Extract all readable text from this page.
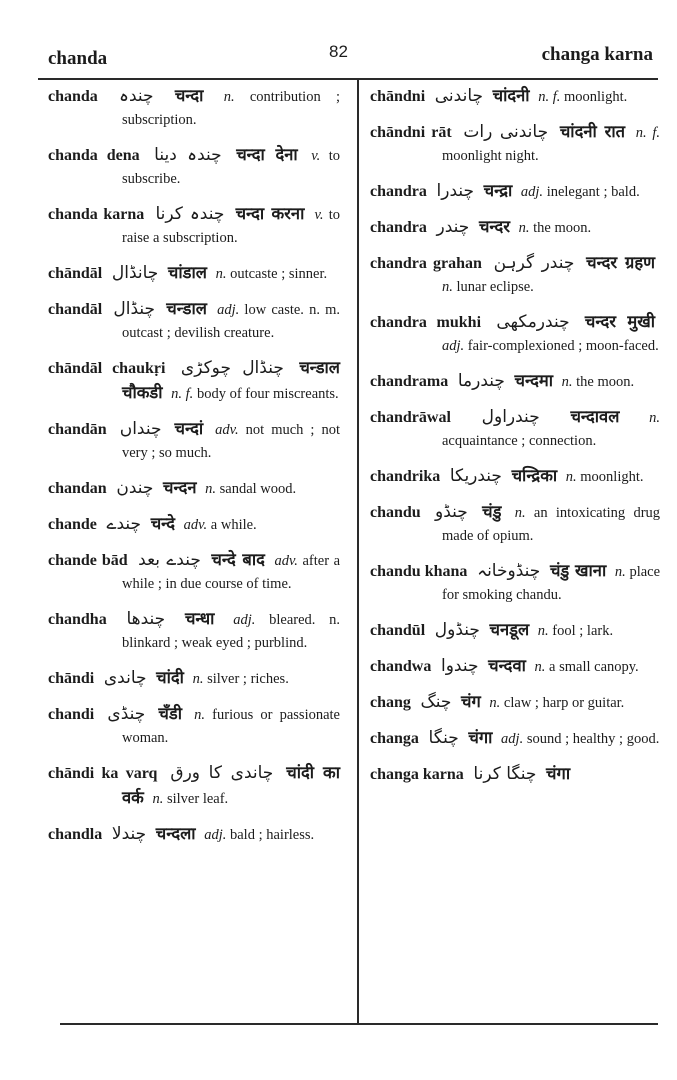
chanda	82	changa karna

chanda چندہ चन्दा n. contribution ; subscription.

chanda dena چندہ دینا चन्दा देना v. to subscribe.

chanda karna چندہ کرنا चन्दा करना v. to raise a subscription.

chāndāl چانڈال चांडाल n. outcaste ; sinner.

chandāl چنڈال चन्डाल adj. low caste. n. m. outcast ; devilish creature.

chāndāl chaukṛi چنڈال چوکڑی चन्डाल चौकडी n. f. body of four miscreants.

chandān چنداں चन्दां adv. not much ; not very ; so much.

chandan چندن चन्दन n. sandal wood.

chande چندے चन्दे adv. a while.

chande bād چندے بعد चन्दे बाद adv. after a while ; in due course of time.

chandha چندھا चन्धा adj. bleared. n. blinkard ; weak eyed ; purblind.

chāndi چاندی चांदी n. silver ; riches.

chandi چنڈی चँडी n. furious or passionate woman.

chāndi ka varq چاندی کا ورق चांदी का वर्क n. silver leaf.

chandla چندلا चन्दला adj. bald ; hairless.

chāndni چاندنی चांदनी n. f. moonlight.

chāndni rāt چاندنی رات चांदनी रात n. f. moonlight night.

chandra چندرا चन्द्रा adj. inelegant ; bald.

chandra چندر चन्दर n. the moon.

chandra grahan چندر گرہن चन्दर ग्रहण n. lunar eclipse.

chandra mukhi چندرمکھی चन्दर मुखी adj. fair-complexioned ; moon-faced.

chandrama چندرما चन्दमा n. the moon.

chandrāwal چندراول चन्दावल n. acquaintance ; connection.

chandrika چندریکا चन्द्रिका n. moonlight.

chandu چنڈو चंडु n. an intoxicating drug made of opium.

chandu khana چنڈوخانہ चंडु खाना n. place for smoking chandu.

chandūl چنڈول चनडूल n. fool ; lark.

chandwa چندوا चन्दवा n. a small canopy.

chang چنگ चंग n. claw ; harp or guitar.

changa چنگا चंगा adj. sound ; healthy ; good.

changa karna چنگا کرنا चंगा
